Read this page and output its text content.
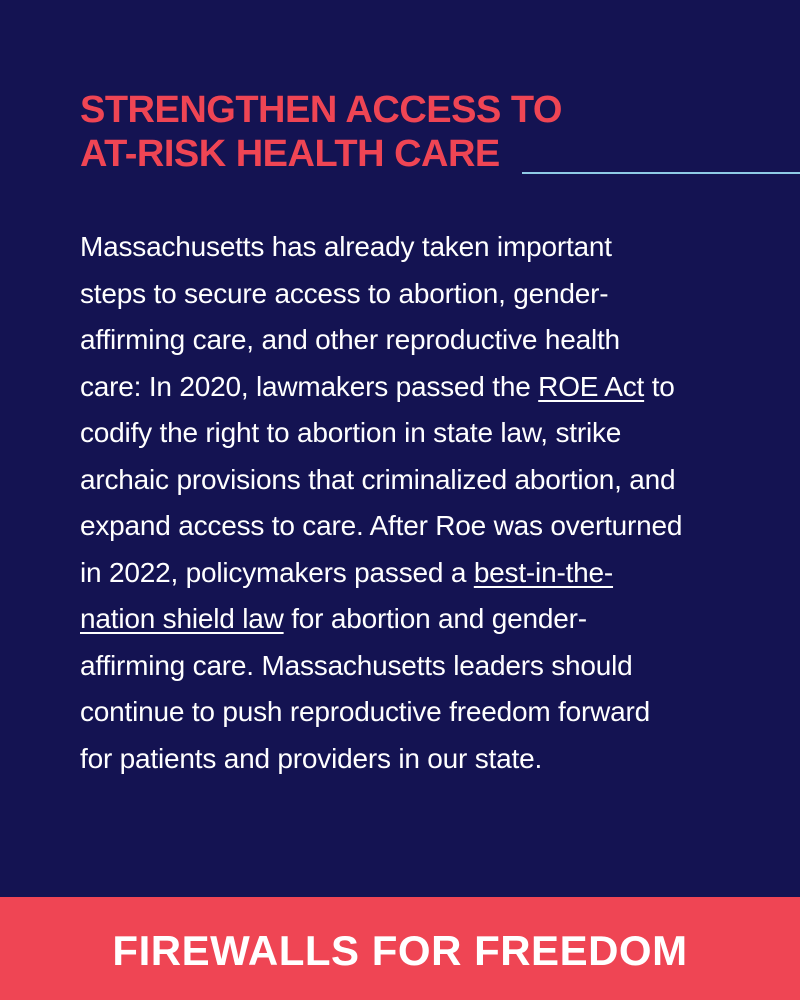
STRENGTHEN ACCESS TO
AT-RISK HEALTH CARE

Massachusetts has already taken important
steps to secure access to abortion, gender-
affirming care, and other reproductive health
care: In 2020, lawmakers passed the ROE Act to
codify the right to abortion in state law, strike
archaic provisions that criminalized abortion, and
expand access to care. After Roe was overturned
in 2022, policymakers passed a best-in-the-
nation shield law for abortion and gender-
affirming care. Massachusetts leaders should
continue to push reproductive freedom forward
for patients and providers in our state.

FIREWALLS FOR FREEDOM
